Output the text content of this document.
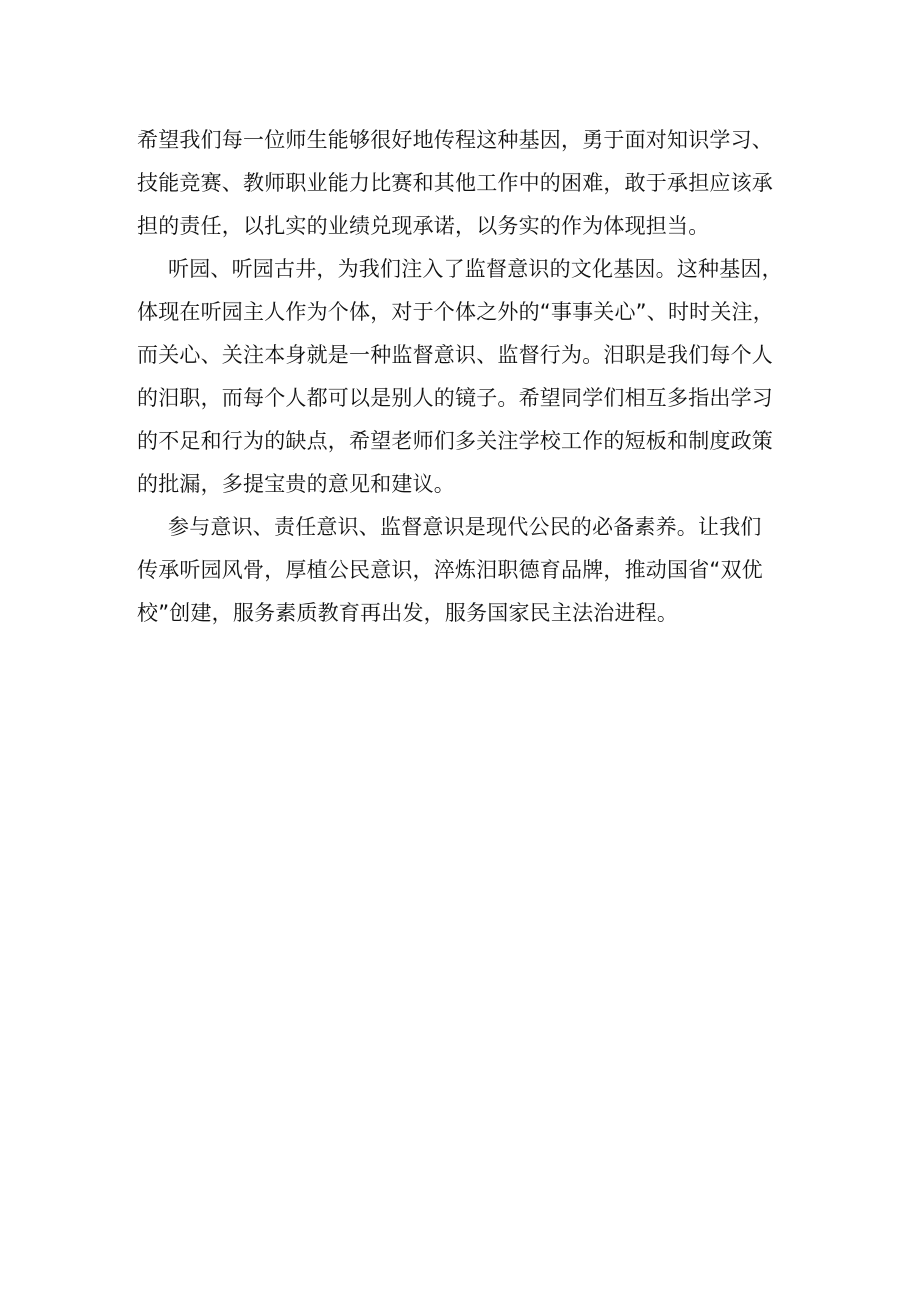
希望我们每一位师生能够很好地传程这种基因，勇于面对知识学习、
技能竞赛、教师职业能力比赛和其他工作中的困难，敢于承担应该承
担的责任，以扎实的业绩兑现承诺，以务实的作为体现担当。
听园、听园古井，为我们注入了监督意识的文化基因。这种基因，
体现在听园主人作为个体，对于个体之外的“事事关心”、时时关注，
而关心、关注本身就是一种监督意识、监督行为。汨职是我们每个人
的汨职，而每个人都可以是别人的镜子。希望同学们相互多指出学习
的不足和行为的缺点，希望老师们多关注学校工作的短板和制度政策
的批漏，多提宝贵的意见和建议。
参与意识、责任意识、监督意识是现代公民的必备素养。让我们
传承听园风骨，厚植公民意识，淬炼汨职德育品牌，推动国省“双优
校”创建，服务素质教育再出发，服务国家民主法治进程。
